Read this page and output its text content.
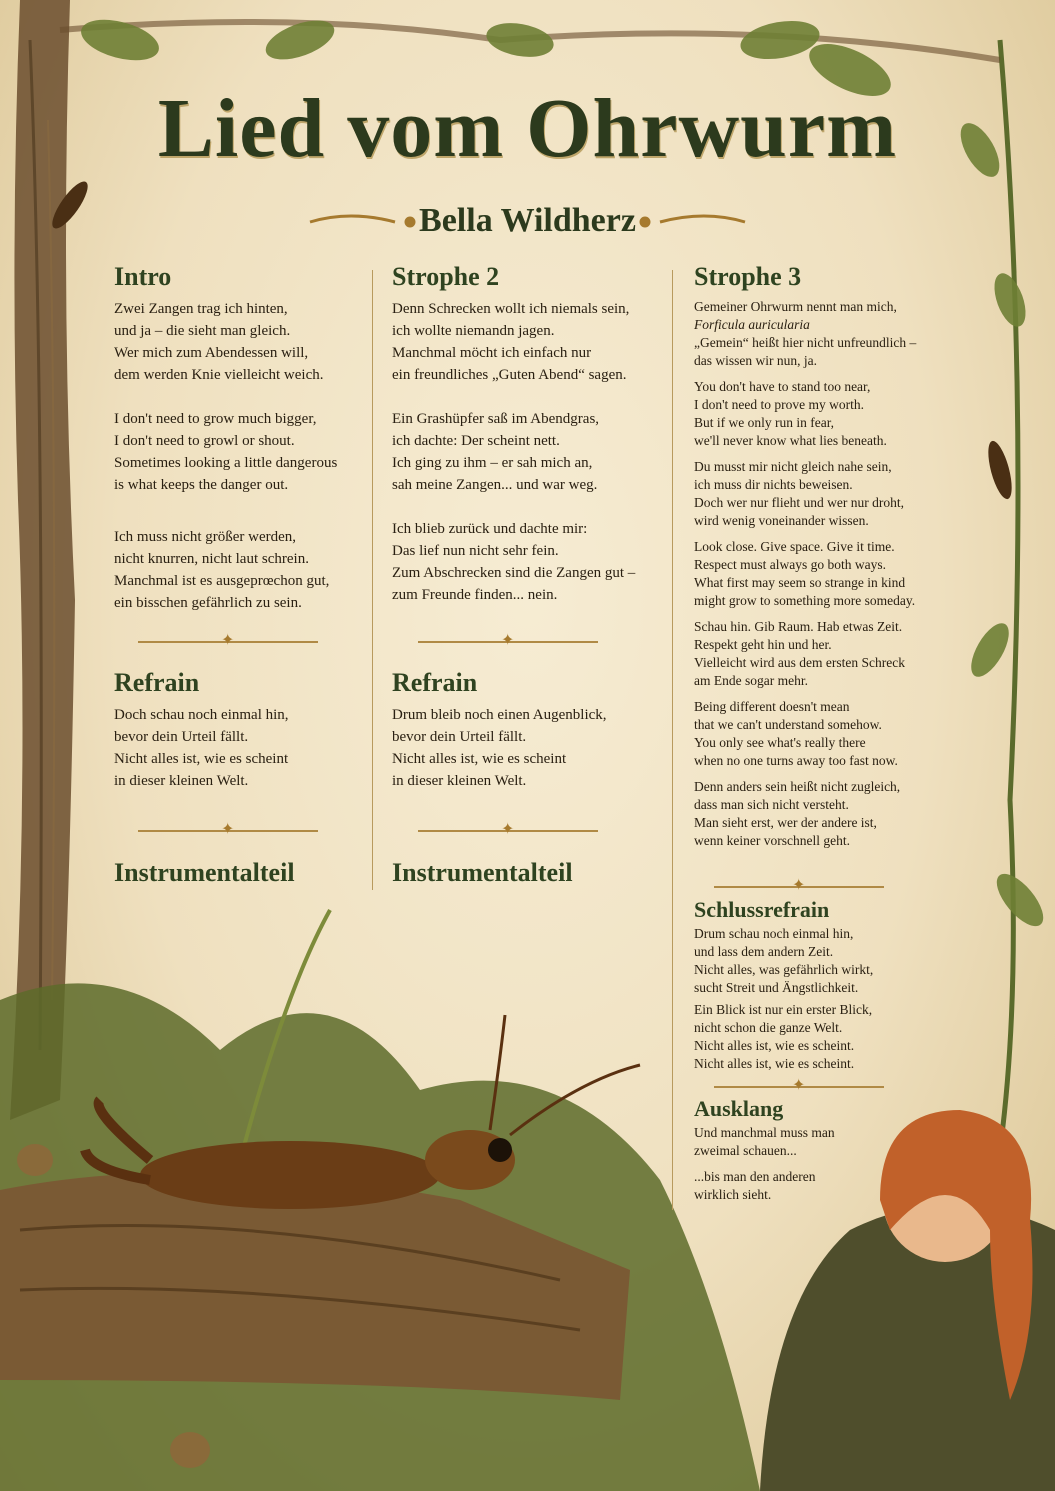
Lied vom Ohrwurm
Bella Wildherz
Intro
Zwei Zangen trag ich hinten,
und ja – die sieht man gleich.
Wer mich zum Abendessen will,
dem werden Knie vielleicht weich.
I don't need to grow much bigger,
I don't need to growl or shout.
Sometimes looking a little dangerous
is what keeps the danger out.
Ich muss nicht größer werden,
nicht knurren, nicht laut schrein.
Manchmal ist es ausgeprœchon gut,
ein bisschen gefährlich zu sein.
✦
Refrain
Doch schau noch einmal hin,
bevor dein Urteil fällt.
Nicht alles ist, wie es scheint
in dieser kleinen Welt.
✦
Instrumentalteil
Strophe 2
Denn Schrecken wollt ich niemals sein,
ich wollte niemandn jagen.
Manchmal möcht ich einfach nur
ein freundliches „Guten Abend“ sagen.
Ein Grashüpfer saß im Abendgras,
ich dachte: Der scheint nett.
Ich ging zu ihm – er sah mich an,
sah meine Zangen... und war weg.
Ich blieb zurück und dachte mir:
Das lief nun nicht sehr fein.
Zum Abschrecken sind die Zangen gut –
zum Freunde finden... nein.
✦
Refrain
Drum bleib noch einen Augenblick,
bevor dein Urteil fällt.
Nicht alles ist, wie es scheint
in dieser kleinen Welt.
✦
Instrumentalteil
Strophe 3
Gemeiner Ohrwurm nennt man mich,
Forficula auricularia
„Gemein“ heißt hier nicht unfreundlich –
das wissen wir nun, ja.
You don't have to stand too near,
I don't need to prove my worth.
But if we only run in fear,
we'll never know what lies beneath.
Du musst mir nicht gleich nahe sein,
ich muss dir nichts beweisen.
Doch wer nur flieht und wer nur droht,
wird wenig voneinander wissen.
Look close. Give space. Give it time.
Respect must always go both ways.
What first may seem so strange in kind
might grow to something more someday.
Schau hin. Gib Raum. Hab etwas Zeit.
Respekt geht hin und her.
Vielleicht wird aus dem ersten Schreck
am Ende sogar mehr.
Being different doesn't mean
that we can't understand somehow.
You only see what's really there
when no one turns away too fast now.
Denn anders sein heißt nicht zugleich,
dass man sich nicht versteht.
Man sieht erst, wer der andere ist,
wenn keiner vorschnell geht.
✦
Schlussrefrain
Drum schau noch einmal hin,
und lass dem andern Zeit.
Nicht alles, was gefährlich wirkt,
sucht Streit und Ängstlichkeit.
Ein Blick ist nur ein erster Blick,
nicht schon die ganze Welt.
Nicht alles ist, wie es scheint.
Nicht alles ist, wie es scheint.
✦
Ausklang
Und manchmal muss man
zweimal schauen...
...bis man den anderen
wirklich sieht.
